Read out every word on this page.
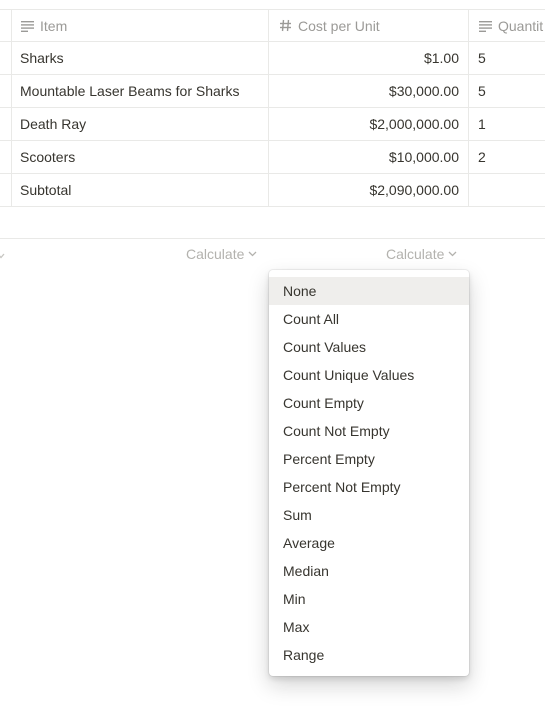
Item	Cost per Unit	Quantit
Sharks	$1.00	5
Mountable Laser Beams for Sharks	$30,000.00	5
Death Ray	$2,000,000.00	1
Scooters	$10,000.00	2
Subtotal	$2,090,000.00
Calculate	Calculate
None
Count All
Count Values
Count Unique Values
Count Empty
Count Not Empty
Percent Empty
Percent Not Empty
Sum
Average
Median
Min
Max
Range
